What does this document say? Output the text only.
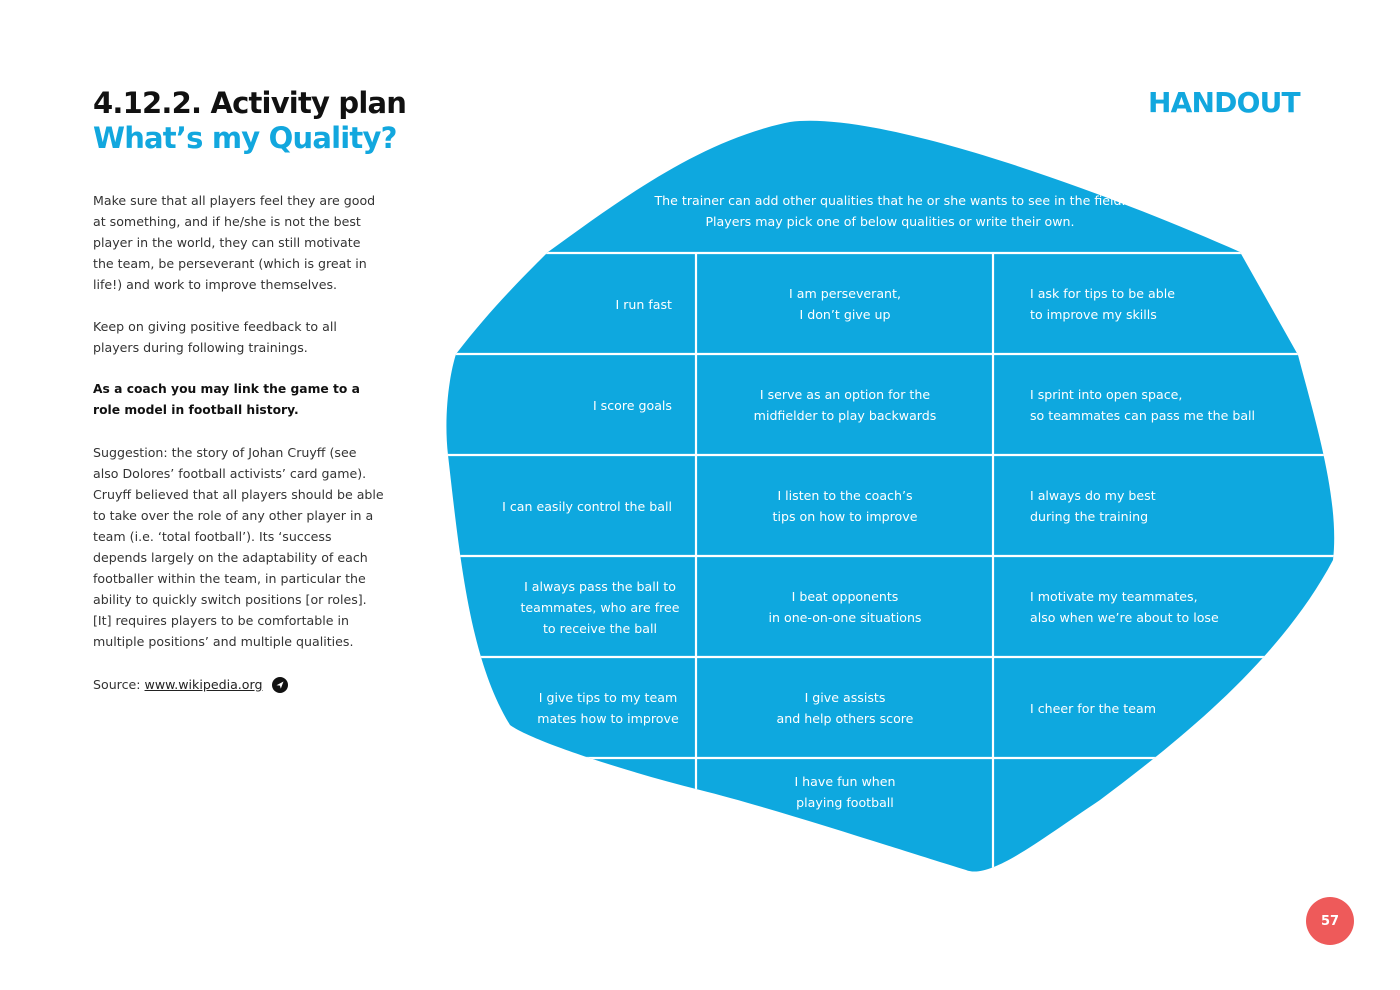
4.12.2. Activity plan
What’s my Quality?
HANDOUT

Make sure that all players feel they are good at something, and if he/she is not the best player in the world, they can still motivate the team, be perseverant (which is great in life!) and work to improve themselves.

Keep on giving positive feedback to all players during following trainings.

As a coach you may link the game to a role model in football history.

Suggestion: the story of Johan Cruyff (see also Dolores’ football activists’ card game). Cruyff believed that all players should be able to take over the role of any other player in a team (i.e. ‘total football’). Its ‘success depends largely on the adaptability of each footballer within the team, in particular the ability to quickly switch positions [or roles]. [It] requires players to be comfortable in multiple positions’ and multiple qualities.

Source: www.wikipedia.org
The trainer can add other qualities that he or she wants to see in the field.
Players may pick one of below qualities or write their own.
I run fast
I am perseverant,
I don’t give up
I ask for tips to be able
to improve my skills
I score goals
I serve as an option for the
midfielder to play backwards
I sprint into open space,
so teammates can pass me the ball
I can easily control the ball
I listen to the coach’s
tips on how to improve
I always do my best
during the training
I always pass the ball to
teammates, who are free
to receive the ball
I beat opponents
in one-on-one situations
I motivate my teammates,
also when we’re about to lose
I give tips to my team
mates how to improve
I give assists
and help others score
I cheer for the team
I have fun when
playing football
57
